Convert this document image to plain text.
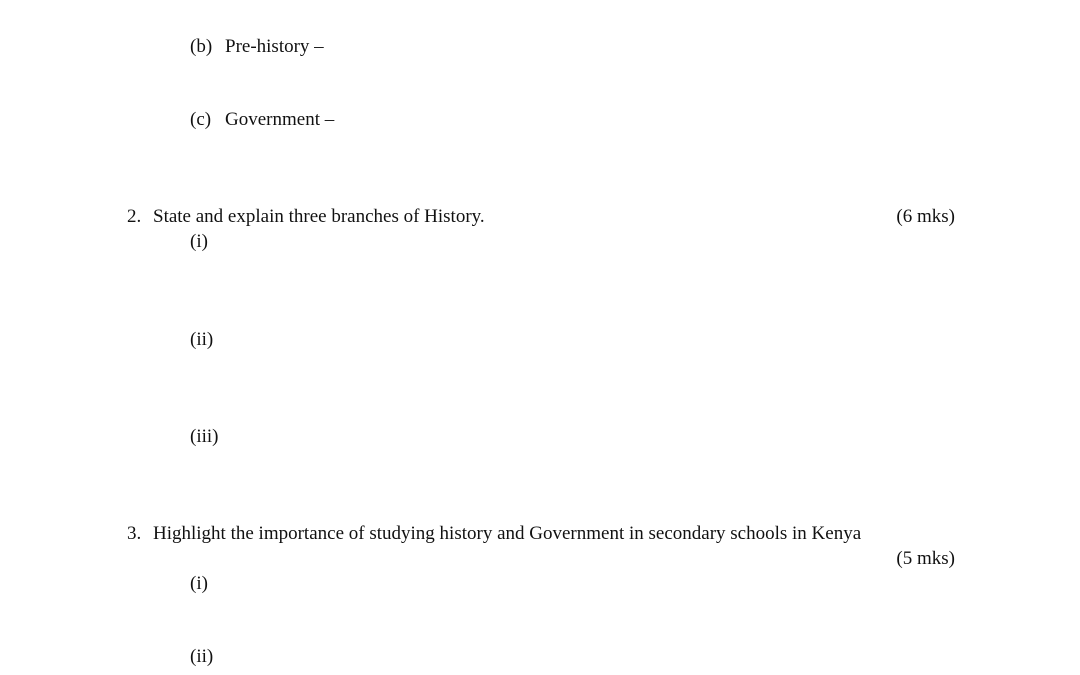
(b) Pre-history –
(c) Government –
2. State and explain three branches of History.	(6 mks)
(i)
(ii)
(iii)
3. Highlight the importance of studying history and Government in secondary schools in Kenya
(5 mks)
(i)
(ii)
